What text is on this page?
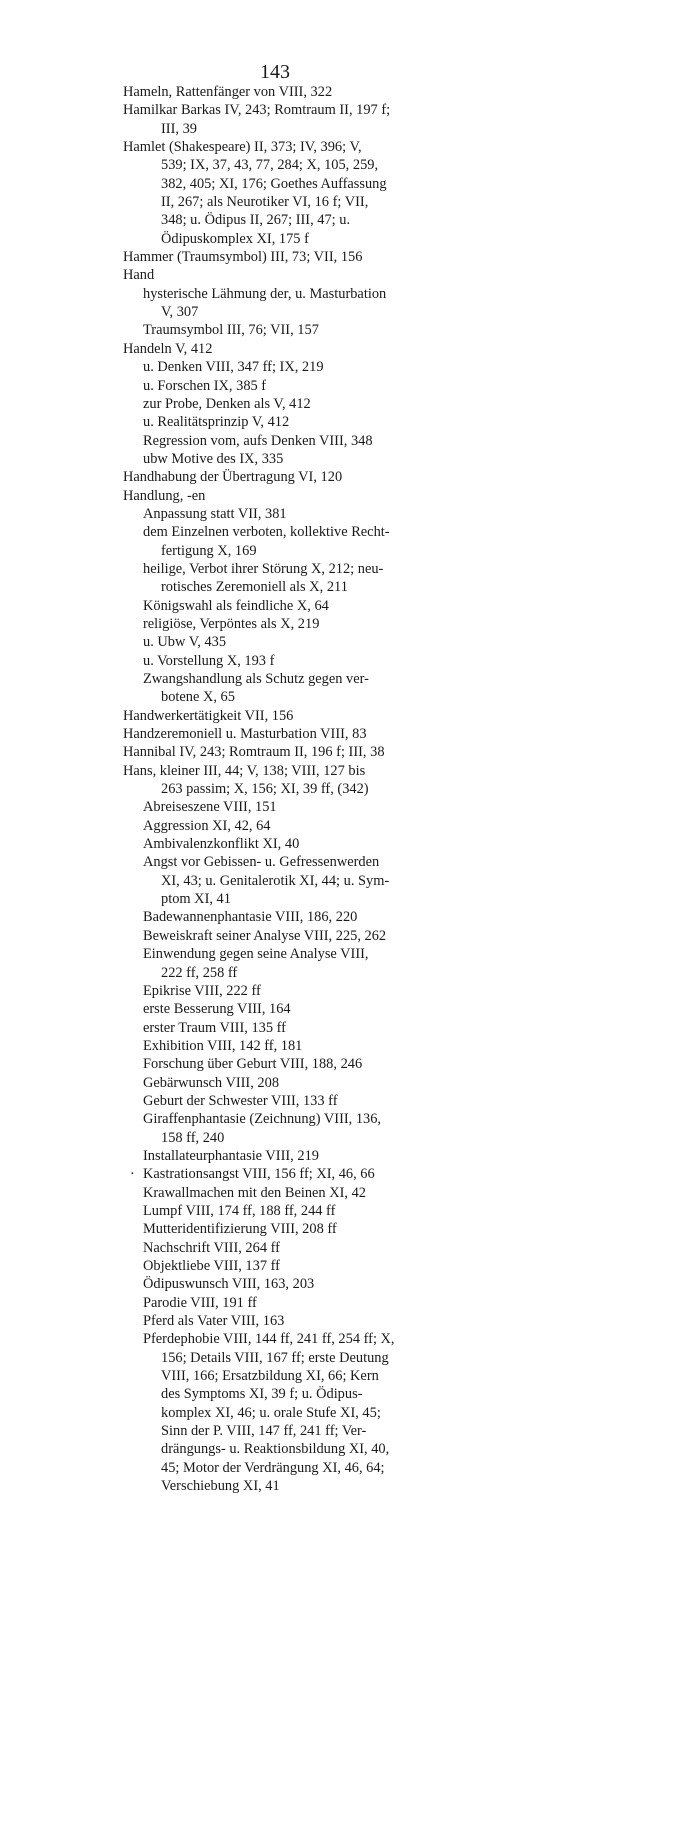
143
Hameln, Rattenfänger von VIII, 322
Hamilkar Barkas IV, 243; Romtraum II, 197 f;
III, 39
Hamlet (Shakespeare) II, 373; IV, 396; V,
539; IX, 37, 43, 77, 284; X, 105, 259,
382, 405; XI, 176; Goethes Auffassung
II, 267; als Neurotiker VI, 16 f; VII,
348; u. Ödipus II, 267; III, 47; u.
Ödipuskomplex XI, 175 f
Hammer (Traumsymbol) III, 73; VII, 156
Hand
hysterische Lähmung der, u. Masturbation
V, 307
Traumsymbol III, 76; VII, 157
Handeln V, 412
u. Denken VIII, 347 ff; IX, 219
u. Forschen IX, 385 f
zur Probe, Denken als V, 412
u. Realitätsprinzip V, 412
Regression vom, aufs Denken VIII, 348
ubw Motive des IX, 335
Handhabung der Übertragung VI, 120
Handlung, -en
Anpassung statt VII, 381
dem Einzelnen verboten, kollektive Recht-
fertigung X, 169
heilige, Verbot ihrer Störung X, 212; neu-
rotisches Zeremoniell als X, 211
Königswahl als feindliche X, 64
religiöse, Verpöntes als X, 219
u. Ubw V, 435
u. Vorstellung X, 193 f
Zwangshandlung als Schutz gegen ver-
botene X, 65
Handwerkertätigkeit VII, 156
Handzeremoniell u. Masturbation VIII, 83
Hannibal IV, 243; Romtraum II, 196 f; III, 38
Hans, kleiner III, 44; V, 138; VIII, 127 bis
263 passim; X, 156; XI, 39 ff, (342)
Abreiseszene VIII, 151
Aggression XI, 42, 64
Ambivalenzkonflikt XI, 40
Angst vor Gebissen- u. Gefressenwerden
XI, 43; u. Genitalerotik XI, 44; u. Sym-
ptom XI, 41
Badewannenphantasie VIII, 186, 220
Beweiskraft seiner Analyse VIII, 225, 262
Einwendung gegen seine Analyse VIII,
222 ff, 258 ff
Epikrise VIII, 222 ff
erste Besserung VIII, 164
erster Traum VIII, 135 ff
Exhibition VIII, 142 ff, 181
Forschung über Geburt VIII, 188, 246
Gebärwunsch VIII, 208
Geburt der Schwester VIII, 133 ff
Giraffenphantasie (Zeichnung) VIII, 136,
158 ff, 240
Installateurphantasie VIII, 219
· Kastrationsangst VIII, 156 ff; XI, 46, 66
Krawallmachen mit den Beinen XI, 42
Lumpf VIII, 174 ff, 188 ff, 244 ff
Mutteridentifizierung VIII, 208 ff
Nachschrift VIII, 264 ff
Objektliebe VIII, 137 ff
Ödipuswunsch VIII, 163, 203
Parodie VIII, 191 ff
Pferd als Vater VIII, 163
Pferdephobie VIII, 144 ff, 241 ff, 254 ff; X,
156; Details VIII, 167 ff; erste Deutung
VIII, 166; Ersatzbildung XI, 66; Kern
des Symptoms XI, 39 f; u. Ödipus-
komplex XI, 46; u. orale Stufe XI, 45;
Sinn der P. VIII, 147 ff, 241 ff; Ver-
drängungs- u. Reaktionsbildung XI, 40,
45; Motor der Verdrängung XI, 46, 64;
Verschiebung XI, 41
